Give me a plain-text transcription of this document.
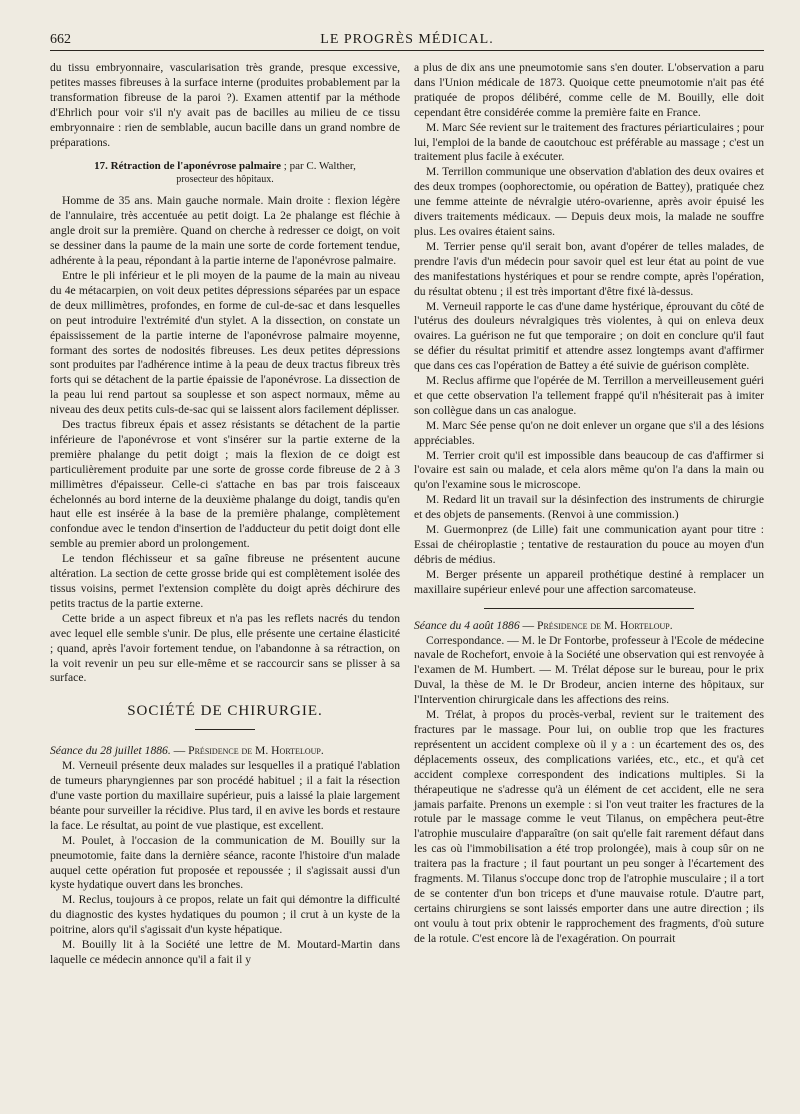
662	LE PROGRÈS MÉDICAL.

du tissu embryonnaire, vascularisation très grande, presque excessive, petites masses fibreuses à la surface interne (produites probablement par la transformation fibreuse de la paroi ?). Examen attentif par la méthode d'Ehrlich pour voir s'il n'y avait pas de bacilles au milieu de ce tissu embryonnaire : rien de semblable, aucun bacille dans un grand nombre de préparations.

17. Rétraction de l'aponévrose palmaire ; par C. Walther,
prosecteur des hôpitaux.

Homme de 35 ans. Main gauche normale. Main droite : flexion légère de l'annulaire, très accentuée au petit doigt. La 2e phalange est fléchie à angle droit sur la première. Quand on cherche à redresser ce doigt, on voit se dessiner dans la paume de la main une sorte de corde fortement tendue, adhérente à la peau, répondant à la partie interne de l'aponévrose palmaire.

Entre le pli inférieur et le pli moyen de la paume de la main au niveau du 4e métacarpien, on voit deux petites dépressions séparées par un espace de deux millimètres, profondes, en forme de cul-de-sac et dans lesquelles on peut introduire l'extrémité d'un stylet. A la dissection, on constate un épaississement de la partie interne de l'aponévrose palmaire moyenne, formant des sortes de nodosités fibreuses. Les deux petites dépressions sont produites par l'adhérence intime à la peau de deux tractus fibreux très forts qui se détachent de la partie épaissie de l'aponévrose. La dissection de la peau lui rend partout sa souplesse et son aspect normaux, même au niveau des deux petits culs-de-sac qui se laissent alors facilement déplisser.

Des tractus fibreux épais et assez résistants se détachent de la partie inférieure de l'aponévrose et vont s'insérer sur la partie externe de la première phalange du petit doigt ; mais la flexion de ce doigt est particulièrement produite par une sorte de grosse corde fibreuse de 2 à 3 millimètres d'épaisseur. Celle-ci s'attache en bas par trois faisceaux échelonnés au bord interne de la deuxième phalange du doigt, tandis qu'en haut elle est insérée à la base de la première phalange, complètement confondue avec le tendon d'insertion de l'adducteur du petit doigt dont elle semble au premier abord un prolongement.

Le tendon fléchisseur et sa gaîne fibreuse ne présentent aucune altération. La section de cette grosse bride qui est complètement isolée des tissus voisins, permet l'extension complète du doigt après déchirure des petits tractus de la partie externe.

Cette bride a un aspect fibreux et n'a pas les reflets nacrés du tendon avec lequel elle semble s'unir. De plus, elle présente une certaine élasticité ; quand, après l'avoir fortement tendue, on l'abandonne à sa rétraction, on la voit revenir un peu sur elle-même et se raccourcir sans se plisser à sa surface.

SOCIÉTÉ DE CHIRURGIE.

Séance du 28 juillet 1886. — Présidence de M. Horteloup.

M. Verneuil présente deux malades sur lesquelles il a pratiqué l'ablation de tumeurs pharyngiennes par son procédé habituel ; il a fait la résection d'une vaste portion du maxillaire supérieur, puis a laissé la plaie largement béante pour surveiller la récidive. Plus tard, il en avive les bords et restaure la face. Le résultat, au point de vue plastique, est excellent.

M. Poulet, à l'occasion de la communication de M. Bouilly sur la pneumotomie, faite dans la dernière séance, raconte l'histoire d'un malade auquel cette opération fut proposée et repoussée ; il s'agissait aussi d'un kyste hydatique ouvert dans les bronches.

M. Reclus, toujours à ce propos, relate un fait qui démontre la difficulté du diagnostic des kystes hydatiques du poumon ; il crut à un kyste de la poitrine, alors qu'il s'agissait d'un kyste hépatique.

M. Bouilly lit à la Société une lettre de M. Moutard-Martin dans laquelle ce médecin annonce qu'il a fait il y

a plus de dix ans une pneumotomie sans s'en douter. L'observation a paru dans l'Union médicale de 1873. Quoique cette pneumotomie n'ait pas été pratiquée de propos délibéré, comme celle de M. Bouilly, elle doit cependant être considérée comme la première faite en France.

M. Marc Sée revient sur le traitement des fractures périarticulaires ; pour lui, l'emploi de la bande de caoutchouc est préférable au massage ; c'est un traitement plus facile à exécuter.

M. Terrillon communique une observation d'ablation des deux ovaires et des deux trompes (oophorectomie, ou opération de Battey), pratiquée chez une femme atteinte de névralgie utéro-ovarienne, après avoir épuisé les divers traitements médicaux. — Depuis deux mois, la malade ne souffre plus. Les ovaires étaient sains.

M. Terrier pense qu'il serait bon, avant d'opérer de telles malades, de prendre l'avis d'un médecin pour savoir quel est leur état au point de vue des manifestations hystériques et pour se rendre compte, après l'opération, du résultat obtenu ; il est très important d'être fixé là-dessus.

M. Verneuil rapporte le cas d'une dame hystérique, éprouvant du côté de l'utérus des douleurs névralgiques très violentes, à qui on enleva deux ovaires. La guérison ne fut que temporaire ; on doit en conclure qu'il faut se défier du résultat primitif et attendre assez longtemps avant d'affirmer que dans ces cas l'opération de Battey a été suivie de guérison complète.

M. Reclus affirme que l'opérée de M. Terrillon a merveilleusement guéri et que cette observation l'a tellement frappé qu'il n'hésiterait pas à imiter son collègue dans un cas analogue.

M. Marc Sée pense qu'on ne doit enlever un organe que s'il a des lésions appréciables.

M. Terrier croit qu'il est impossible dans beaucoup de cas d'affirmer si l'ovaire est sain ou malade, et cela alors même qu'on l'a dans la main ou qu'on l'examine sous le microscope.

M. Redard lit un travail sur la désinfection des instruments de chirurgie et des objets de pansements. (Renvoi à une commission.)

M. Guermonprez (de Lille) fait une communication ayant pour titre : Essai de chéiroplastie ; tentative de restauration du pouce au moyen d'un débris de médius.

M. Berger présente un appareil prothétique destiné à remplacer un maxillaire supérieur enlevé pour une affection sarcomateuse.

Séance du 4 août 1886 — Présidence de M. Horteloup.

Correspondance. — M. le Dr Fontorbe, professeur à l'Ecole de médecine navale de Rochefort, envoie à la Société une observation qui est renvoyée à l'examen de M. Humbert. — M. Trélat dépose sur le bureau, pour le prix Duval, la thèse de M. le Dr Brodeur, ancien interne des hôpitaux, sur l'Intervention chirurgicale dans les affections des reins.

M. Trélat, à propos du procès-verbal, revient sur le traitement des fractures par le massage. Pour lui, on oublie trop que les fractures représentent un accident complexe où il y a : un écartement des os, des déplacements osseux, des complications variées, etc., etc., et qu'à cet accident complexe correspondent des indications multiples. Si la thérapeutique ne s'adresse qu'à un élément de cet accident, elle ne sera jamais parfaite. Prenons un exemple : si l'on veut traiter les fractures de la rotule par le massage comme le veut Tilanus, on empêchera peut-être l'atrophie musculaire d'apparaître (on sait qu'elle fait rarement défaut dans les cas où l'immobilisation a été trop prolongée), mais à coup sûr on ne traitera pas la fracture ; il faut pourtant un peu songer à l'écartement des fragments. M. Tilanus s'occupe donc trop de l'atrophie musculaire ; il a tort de se contenter d'un bon triceps et d'une mauvaise rotule. D'autre part, certains chirurgiens se sont laissés emporter dans une autre direction ; ils ont voulu à tout prix obtenir le rapprochement des fragments, d'où suture de la rotule. C'est encore là de l'exagération. On pourrait
